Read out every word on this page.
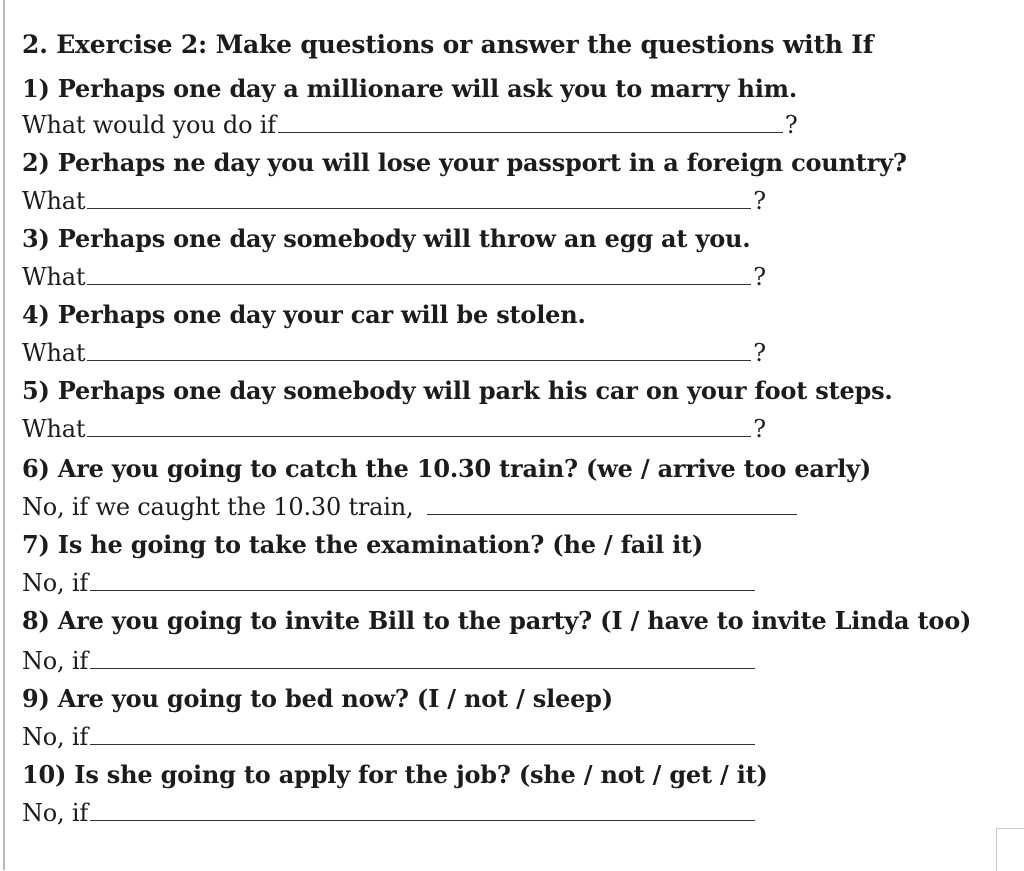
2. Exercise 2: Make questions or answer the questions with If
1) Perhaps one day a millionare will ask you to marry him.
What would you do if	?
2) Perhaps ne day you will lose your passport in a foreign country?
What	?
3) Perhaps one day somebody will throw an egg at you.
What	?
4) Perhaps one day your car will be stolen.
What	?
5) Perhaps one day somebody will park his car on your foot steps.
What	?
6) Are you going to catch the 10.30 train? (we / arrive too early)
No, if we caught the 10.30 train,
7) Is he going to take the examination? (he / fail it)
No, if
8) Are you going to invite Bill to the party? (I / have to invite Linda too)
No, if
9) Are you going to bed now? (I / not / sleep)
No, if
10) Is she going to apply for the job? (she / not / get / it)
No, if
